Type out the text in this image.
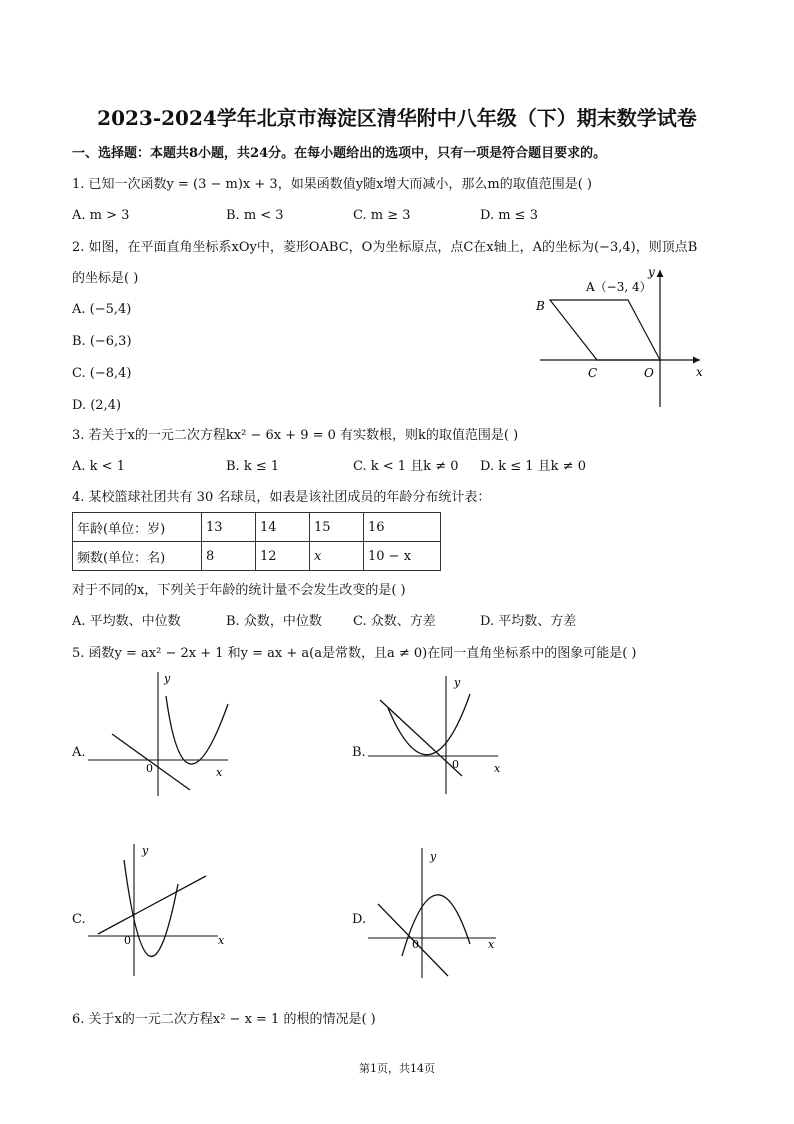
2023-2024学年北京市海淀区清华附中八年级（下）期末数学试卷
一、选择题：本题共8小题，共24分。在每小题给出的选项中，只有一项是符合题目要求的。
1. 已知一次函数y = (3 − m)x + 3，如果函数值y随x增大而减小，那么m的取值范围是( )
A. m > 3	B. m < 3	C. m ≥ 3	D. m ≤ 3
2. 如图，在平面直角坐标系xOy中，菱形OABC，O为坐标原点，点C在x轴上，A的坐标为(−3,4)，则顶点B
的坐标是( )
A. (−5,4)
B. (−6,3)
C. (−8,4)
D. (2,4)
A（−3, 4）
B
C	O	x
y
3. 若关于x的一元二次方程kx² − 6x + 9 = 0 有实数根，则k的取值范围是( )
A. k < 1	B. k ≤ 1	C. k < 1 且k ≠ 0 D. k ≤ 1 且k ≠ 0
4. 某校篮球社团共有 30 名球员，如表是该社团成员的年龄分布统计表：
年龄(单位：岁)	13	14	15	16
频数(单位：名)	8	12	x	10 − x
对于不同的x，下列关于年龄的统计量不会发生改变的是( )
A. 平均数、中位数	B. 众数，中位数 C. 众数、方差	D. 平均数、方差
5. 函数y = ax² − 2x + 1 和y = ax + a(a是常数，且a ≠ 0)在同一直角坐标系中的图象可能是( )
A.
y
0	x
B.
y
0	x
C.
y
0	x
D.
y
0	x
6. 关于x的一元二次方程x² − x = 1 的根的情况是( )
第1页，共14页
